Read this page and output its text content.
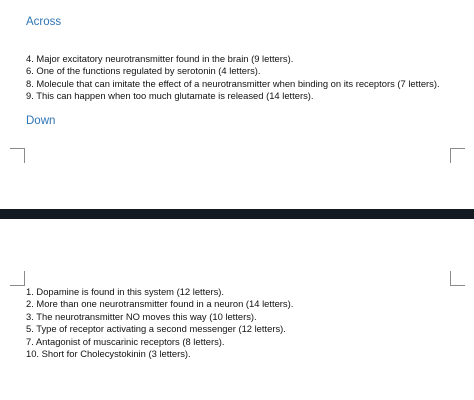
Across
4. Major excitatory neurotransmitter found in the brain (9 letters).
6. One of the functions regulated by serotonin (4 letters).
8. Molecule that can imitate the effect of a neurotransmitter when binding on its receptors (7 letters).
9. This can happen when too much glutamate is released (14 letters).
Down
1. Dopamine is found in this system (12 letters).
2. More than one neurotransmitter found in a neuron (14 letters).
3. The neurotransmitter NO moves this way (10 letters).
5. Type of receptor activating a second messenger (12 letters).
7. Antagonist of muscarinic receptors (8 letters).
10. Short for Cholecystokinin (3 letters).
